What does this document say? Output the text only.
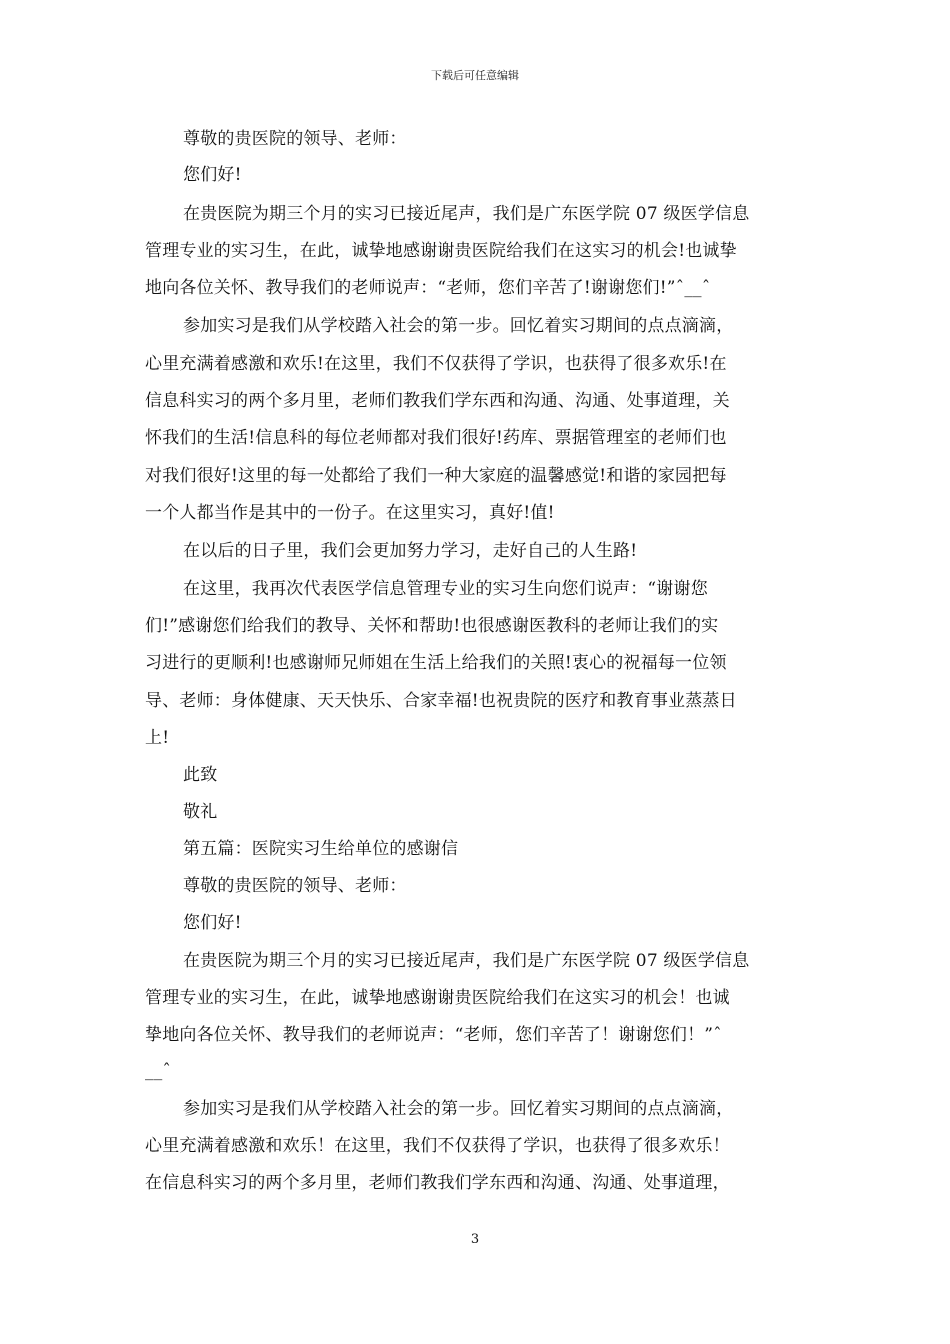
下载后可任意编辑
尊敬的贵医院的领导、老师：
您们好!
在贵医院为期三个月的实习已接近尾声，我们是广东医学院 07 级医学信息
管理专业的实习生，在此，诚挚地感谢谢贵医院给我们在这实习的机会!也诚挚
地向各位关怀、教导我们的老师说声：“老师，您们辛苦了!谢谢您们!”ˆ__ˆ
参加实习是我们从学校踏入社会的第一步。回忆着实习期间的点点滴滴，
心里充满着感激和欢乐!在这里，我们不仅获得了学识，也获得了很多欢乐!在
信息科实习的两个多月里，老师们教我们学东西和沟通、沟通、处事道理，关
怀我们的生活!信息科的每位老师都对我们很好!药库、票据管理室的老师们也
对我们很好!这里的每一处都给了我们一种大家庭的温馨感觉!和谐的家园把每
一个人都当作是其中的一份子。在这里实习，真好!值!
在以后的日子里，我们会更加努力学习，走好自己的人生路!
在这里，我再次代表医学信息管理专业的实习生向您们说声：“谢谢您
们!”感谢您们给我们的教导、关怀和帮助!也很感谢医教科的老师让我们的实
习进行的更顺利!也感谢师兄师姐在生活上给我们的关照!衷心的祝福每一位领
导、老师：身体健康、天天快乐、合家幸福!也祝贵院的医疗和教育事业蒸蒸日
上!
此致
敬礼
第五篇：医院实习生给单位的感谢信
尊敬的贵医院的领导、老师：
您们好!
在贵医院为期三个月的实习已接近尾声，我们是广东医学院 07 级医学信息
管理专业的实习生，在此，诚挚地感谢谢贵医院给我们在这实习的机会！也诚
挚地向各位关怀、教导我们的老师说声：“老师，您们辛苦了！谢谢您们！”ˆ
__ˆ
参加实习是我们从学校踏入社会的第一步。回忆着实习期间的点点滴滴，
心里充满着感激和欢乐！在这里，我们不仅获得了学识，也获得了很多欢乐！
在信息科实习的两个多月里，老师们教我们学东西和沟通、沟通、处事道理，
3
